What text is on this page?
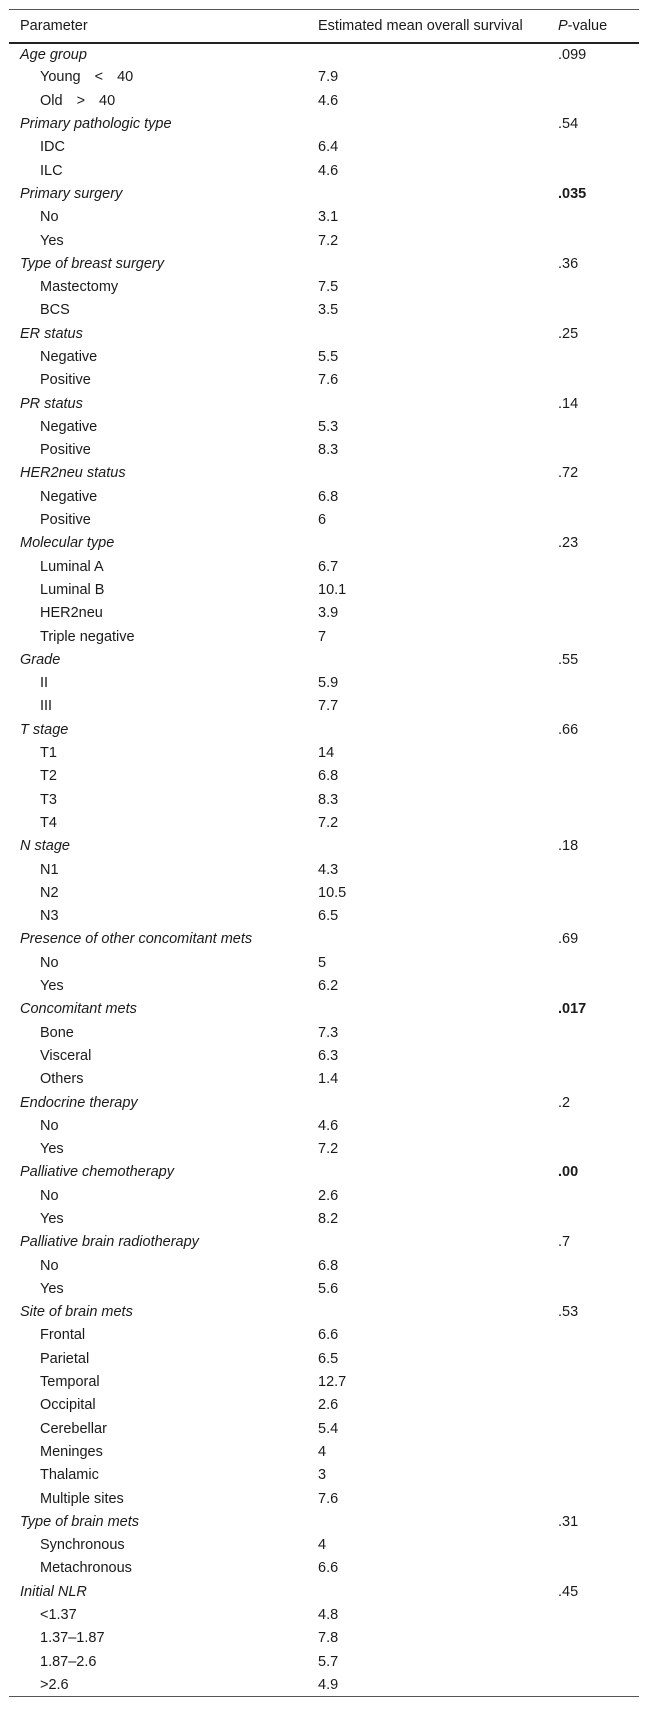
Parameter	Estimated mean overall survival	P-value
Age group		.099
Young < 40	7.9	
Old > 40	4.6	
Primary pathologic type		.54
IDC	6.4	
ILC	4.6	
Primary surgery		.035
No	3.1	
Yes	7.2	
Type of breast surgery		.36
Mastectomy	7.5	
BCS	3.5	
ER status		.25
Negative	5.5	
Positive	7.6	
PR status		.14
Negative	5.3	
Positive	8.3	
HER2neu status		.72
Negative	6.8	
Positive	6	
Molecular type		.23
Luminal A	6.7	
Luminal B	10.1	
HER2neu	3.9	
Triple negative	7	
Grade		.55
II	5.9	
III	7.7	
T stage		.66
T1	14	
T2	6.8	
T3	8.3	
T4	7.2	
N stage		.18
N1	4.3	
N2	10.5	
N3	6.5	
Presence of other concomitant mets		.69
No	5	
Yes	6.2	
Concomitant mets		.017
Bone	7.3	
Visceral	6.3	
Others	1.4	
Endocrine therapy		.2
No	4.6	
Yes	7.2	
Palliative chemotherapy		.00
No	2.6	
Yes	8.2	
Palliative brain radiotherapy		.7
No	6.8	
Yes	5.6	
Site of brain mets		.53
Frontal	6.6	
Parietal	6.5	
Temporal	12.7	
Occipital	2.6	
Cerebellar	5.4	
Meninges	4	
Thalamic	3	
Multiple sites	7.6	
Type of brain mets		.31
Synchronous	4	
Metachronous	6.6	
Initial NLR		.45
<1.37	4.8	
1.37–1.87	7.8	
1.87–2.6	5.7	
>2.6	4.9	
